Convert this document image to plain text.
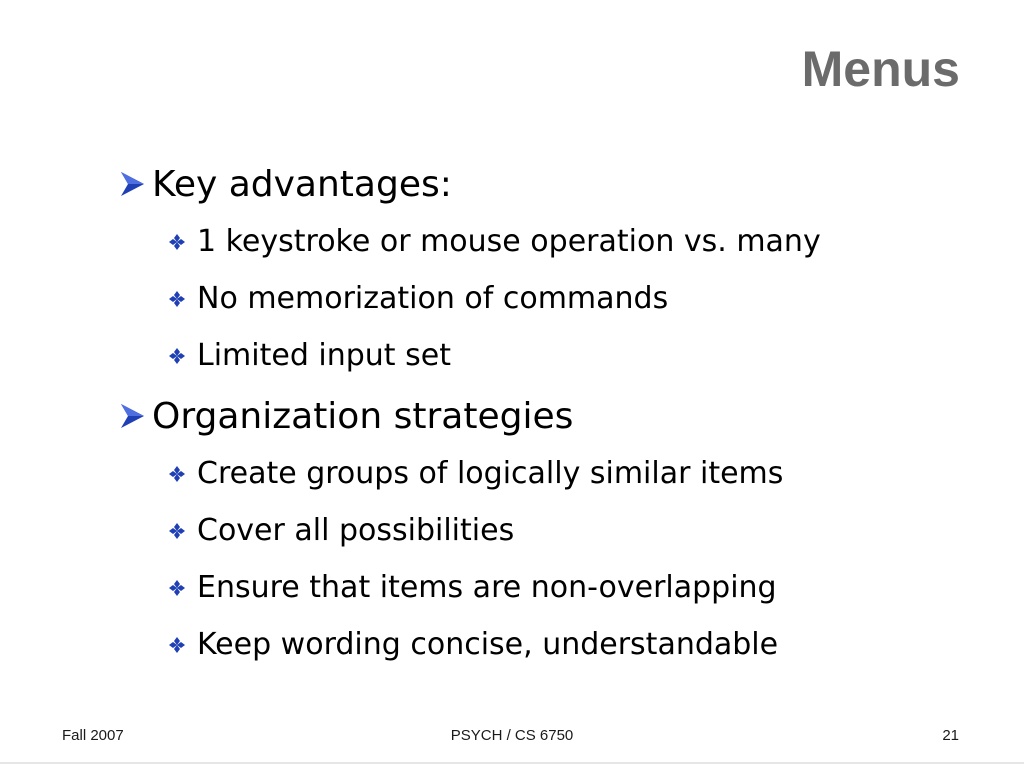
Menus
Key advantages:
1 keystroke or mouse operation vs. many
No memorization of commands
Limited input set
Organization strategies
Create groups of logically similar items
Cover all possibilities
Ensure that items are non-overlapping
Keep wording concise, understandable
Fall 2007	PSYCH / CS 6750	21
